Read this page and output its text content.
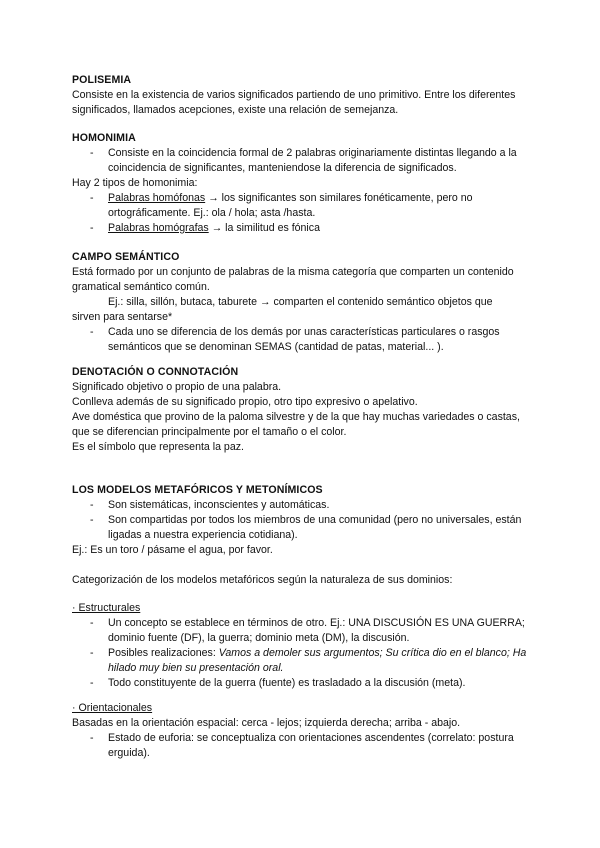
POLISEMIA
Consiste en la existencia de varios significados partiendo de uno primitivo. Entre los diferentes significados, llamados acepciones, existe una relación de semejanza.
HOMONIMIA
-	Consiste en la coincidencia formal de 2 palabras originariamente distintas llegando a la coincidencia de significantes, manteniendose la diferencia de significados.
Hay 2 tipos de homonimia:
-	Palabras homófonas → los significantes son similares fonéticamente, pero no ortográficamente. Ej.: ola / hola; asta /hasta.
-	Palabras homógrafas → la similitud es fónica
CAMPO SEMÁNTICO
Está formado por un conjunto de palabras de la misma categoría que comparten un contenido gramatical semántico común.
Ej.: silla, sillón, butaca, taburete → comparten el contenido semántico objetos que
sirven para sentarse*
-	Cada uno se diferencia de los demás por unas características particulares o rasgos semánticos que se denominan SEMAS (cantidad de patas, material... ).
DENOTACIÓN O CONNOTACIÓN
Significado objetivo o propio de una palabra.
Conlleva además de su significado propio, otro tipo expresivo o apelativo.
Ave doméstica que provino de la paloma silvestre y de la que hay muchas variedades o castas, que se diferencian principalmente por el tamaño o el color.
Es el símbolo que representa la paz.
LOS MODELOS METAFÓRICOS Y METONÍMICOS
-	Son sistemáticas, inconscientes y automáticas.
-	Son compartidas por todos los miembros de una comunidad (pero no universales, están ligadas a nuestra experiencia cotidiana).
Ej.: Es un toro / pásame el agua, por favor.
Categorización de los modelos metafóricos según la naturaleza de sus dominios:
· Estructurales
-	Un concepto se establece en términos de otro. Ej.: UNA DISCUSIÓN ES UNA GUERRA; dominio fuente (DF), la guerra; dominio meta (DM), la discusión.
-	Posibles realizaciones: Vamos a demoler sus argumentos; Su crítica dio en el blanco; Ha hilado muy bien su presentación oral.
-	Todo constituyente de la guerra (fuente) es trasladado a la discusión (meta).
· Orientacionales
Basadas en la orientación espacial: cerca - lejos; izquierda derecha; arriba - abajo.
-	Estado de euforia: se conceptualiza con orientaciones ascendentes (correlato: postura erguida).
